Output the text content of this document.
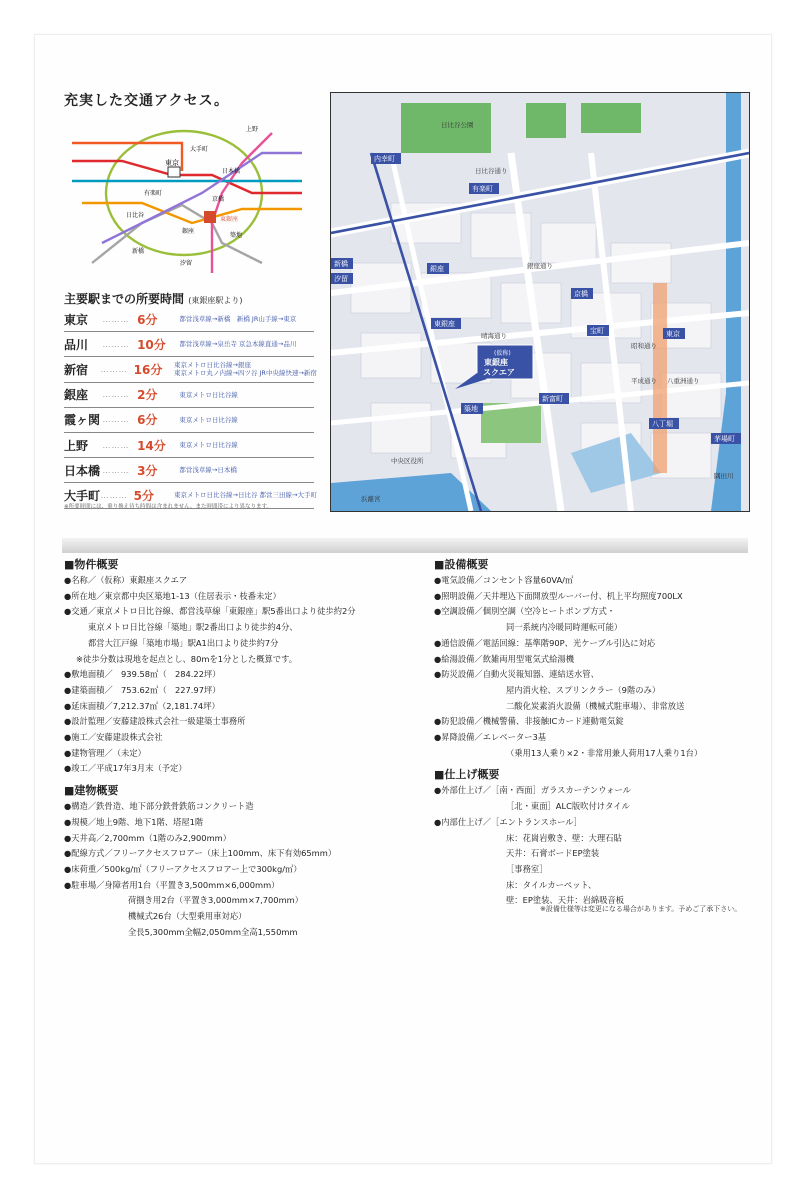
充実した交通アクセス。
東京
銀座
東銀座
日比谷
新橋
有楽町
上野
日本橋
大手町
京橋
築地
汐留
主要駅までの所要時間 (東銀座駅より)
東京	……… 6分	都営浅草線→新橋　新橋 JR山手線→東京
品川	……… 10分	都営浅草線→泉岳寺 京急本線直通→品川
新宿	……… 16分	東京メトロ日比谷線→銀座
東京メトロ丸ノ内線→四ツ谷 JR中央線快速→新宿
銀座	……… 2分	東京メトロ日比谷線
霞ヶ関 ……… 6分	東京メトロ日比谷線
上野	……… 14分	東京メトロ日比谷線
日本橋 ……… 3分	都営浅草線→日本橋
大手町 ……… 5分	東京メトロ日比谷線→日比谷 都営三田線→大手町
※所要時間には、乗り換え待ち時間は含まれません。また時間帯により異なります。
内幸町
東京
京橋
宝町
八丁堀
新富町
築地
新橋
汐留
銀座
東銀座
有楽町
茅場町
日比谷公園
日比谷通り
銀座通り
晴海通り
昭和通り
平成通り 八重洲通り
中央区役所
浜離宮
隅田川
(仮称)
東銀座
スクエア
■物件概要
●名称／（仮称）東銀座スクエア
●所在地／東京都中央区築地1-13（住居表示・枝番未定）
●交通／東京メトロ日比谷線、都営浅草線「東銀座」駅5番出口より徒歩約2分
東京メトロ日比谷線「築地」駅2番出口より徒歩約4分、
都営大江戸線「築地市場」駅A1出口より徒歩約7分
※徒歩分数は現地を起点とし、80mを1分とした概算です。
●敷地面積／　939.58㎡（　284.22坪）
●建築面積／　753.62㎡（　227.97坪）
●延床面積／7,212.37㎡（2,181.74坪）
●設計監理／安藤建設株式会社一級建築士事務所
●施工／安藤建設株式会社
●建物管理／（未定）
●竣工／平成17年3月末（予定）
■建物概要
●構造／鉄骨造、地下部分鉄骨鉄筋コンクリート造
●規模／地上9階、地下1階、塔屋1階
●天井高／2,700mm（1階のみ2,900mm）
●配線方式／フリーアクセスフロアー（床上100mm、床下有効65mm）
●床荷重／500kg/㎡（フリーアクセスフロアー上で300kg/㎡）
●駐車場／身障者用1台（平置き3,500mm×6,000mm）
荷捌き用2台（平置き3,000mm×7,700mm）
機械式26台（大型乗用車対応）
全長5,300mm全幅2,050mm全高1,550mm
■設備概要
●電気設備／コンセント容量60VA/㎡
●照明設備／天井埋込下面開放型ルーバー付、机上平均照度700LX
●空調設備／個別空調（空冷ヒートポンプ方式・
同一系統内冷暖同時運転可能）
●通信設備／電話回線：基準階90P、光ケーブル引込に対応
●給湯設備／飲雑両用型電気式給湯機
●防災設備／自動火災報知器、連結送水管、
屋内消火栓、スプリンクラー（9階のみ）
二酸化炭素消火設備（機械式駐車場）、非常放送
●防犯設備／機械警備、非接触ICカード連動電気錠
●昇降設備／エレベーター3基
（乗用13人乗り×2・非常用兼人荷用17人乗り1台）
■仕上げ概要
●外部仕上げ／［南・西面］ガラスカーテンウォール
［北・東面］ALC版吹付けタイル
●内部仕上げ／［エントランスホール］
床：花崗岩敷き、壁：大理石貼
天井：石膏ボードEP塗装
［事務室］
床：タイルカーペット、
壁：EP塗装、天井：岩綿吸音板
※設備仕様等は変更になる場合があります。予めご了承下さい。
